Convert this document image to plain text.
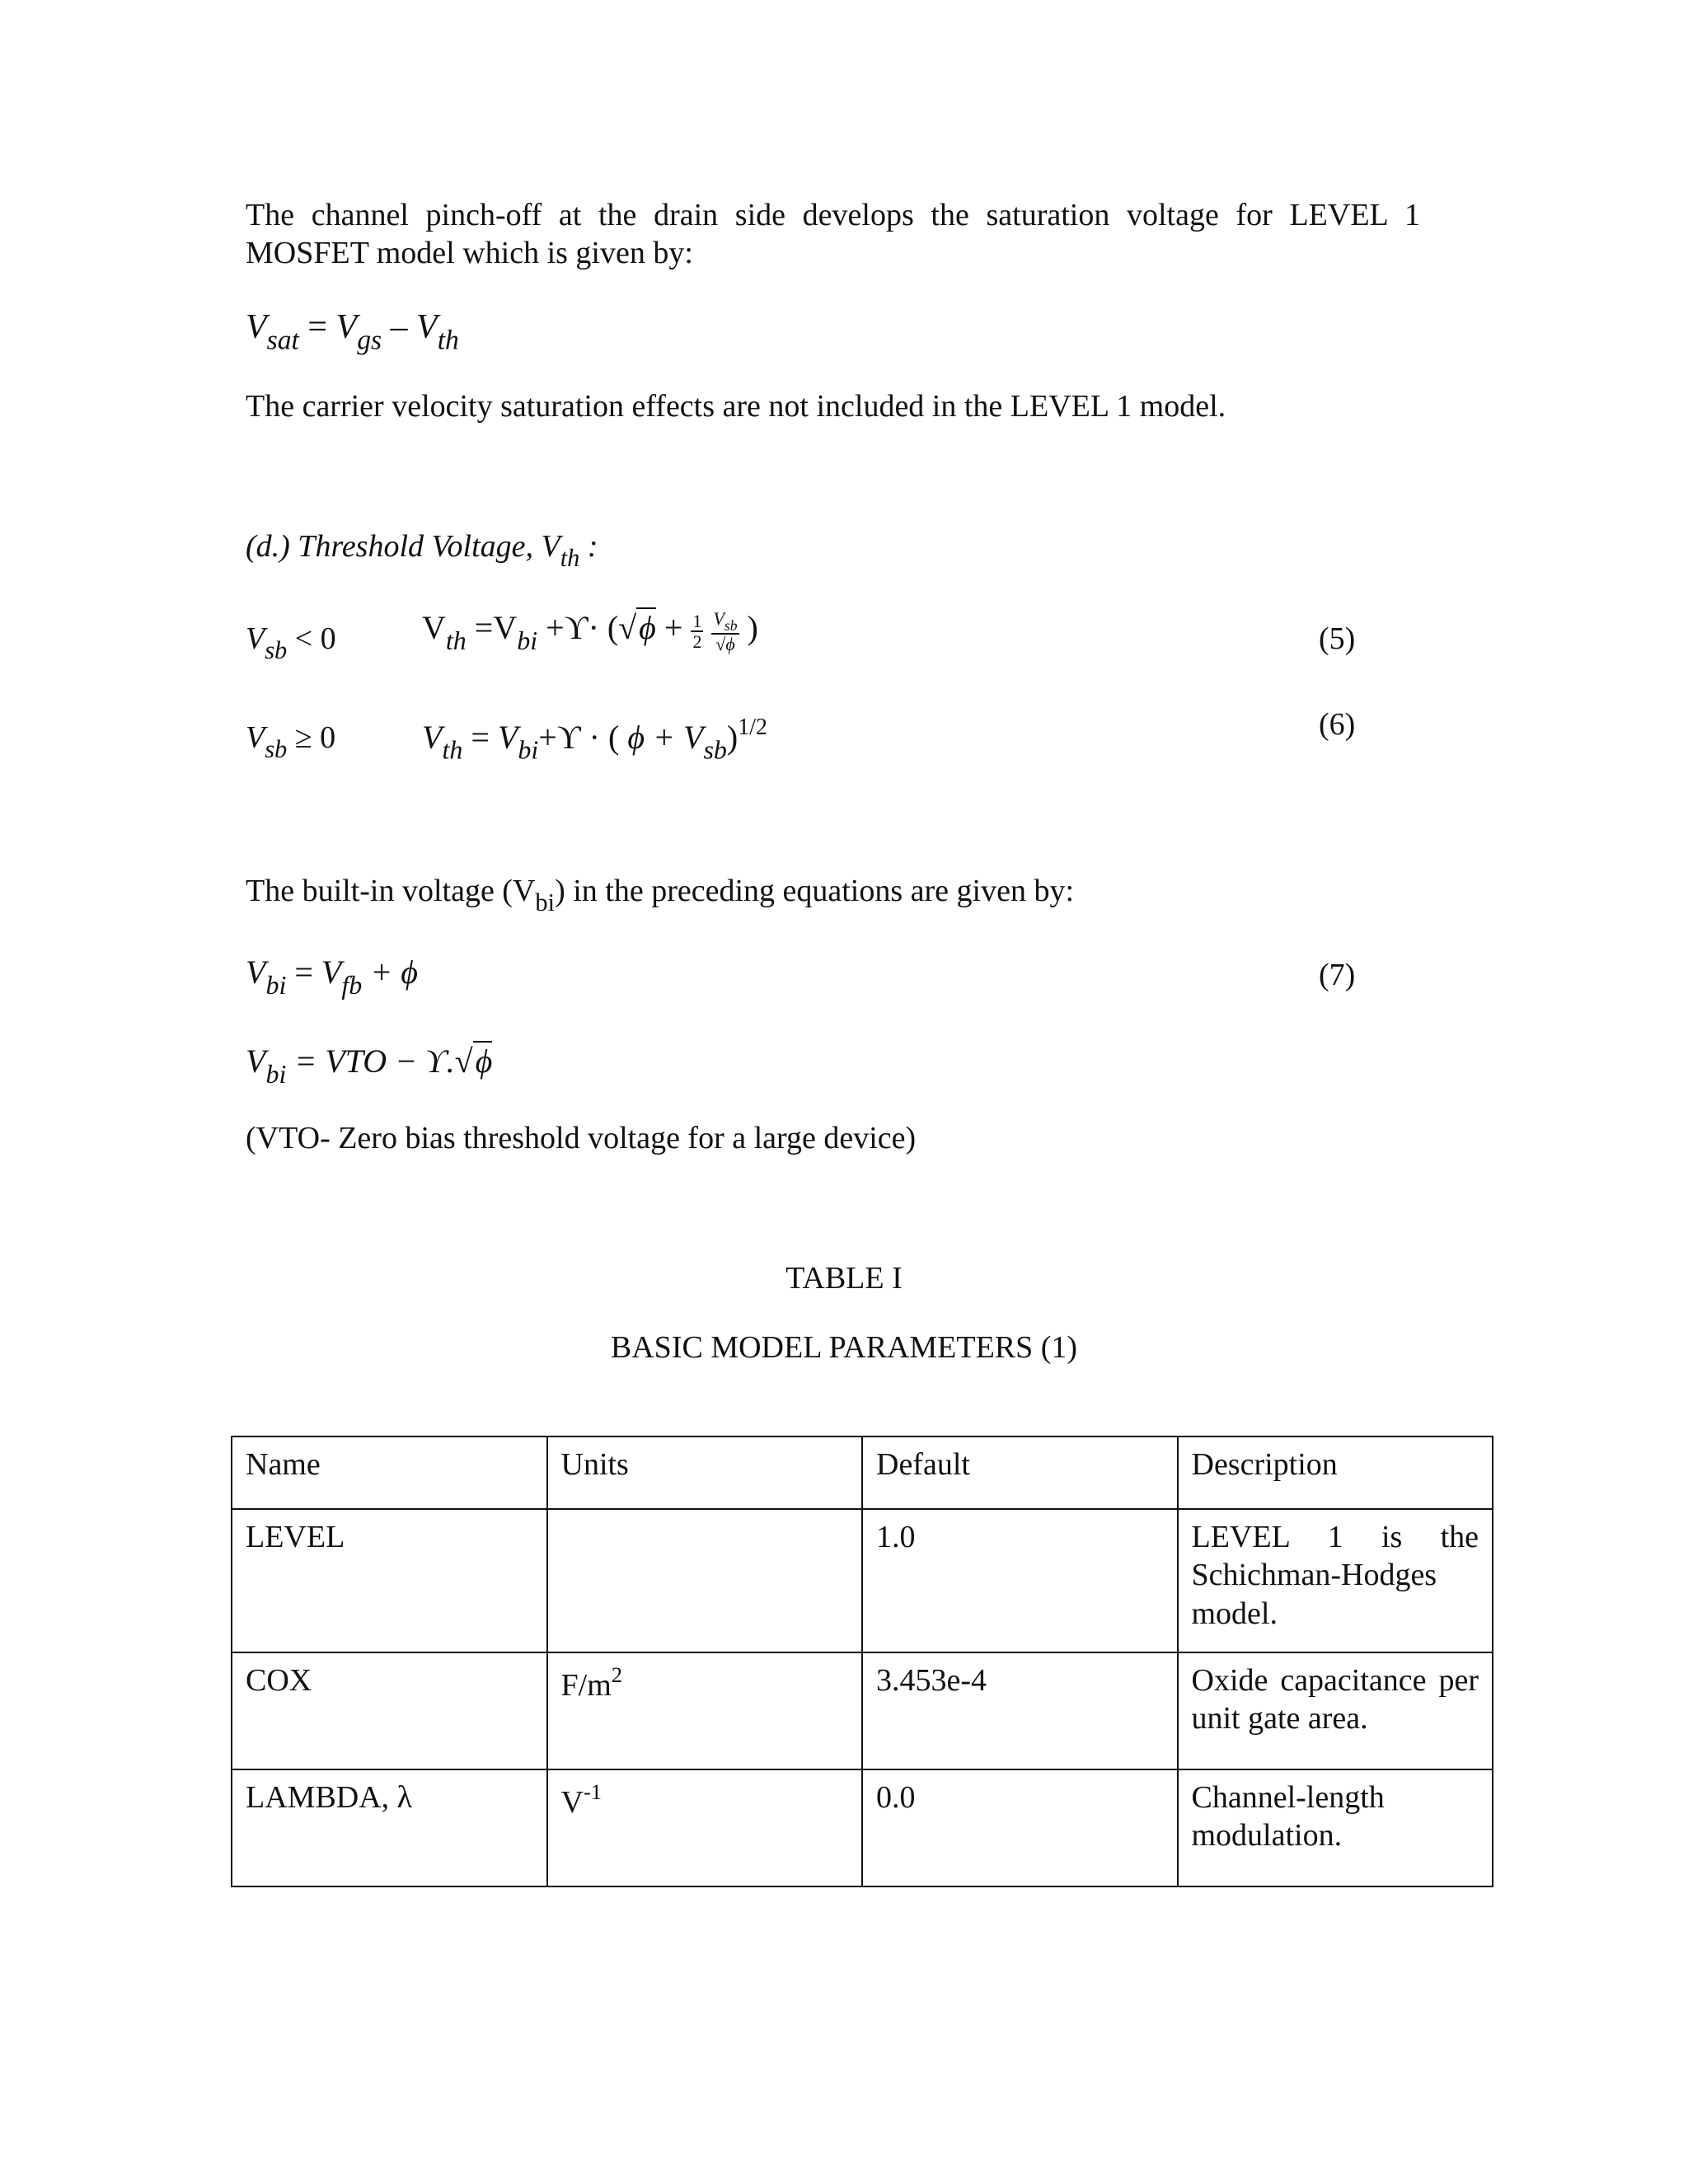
The channel pinch-off at the drain side develops the saturation voltage for LEVEL 1
MOSFET model which is given by:
$V_{sat} = V_{gs} - V_{th}$
The carrier velocity saturation effects are not included in the LEVEL 1 model.
(d.) Threshold Voltage, $V_{th}$ :
$V_{sb} < 0$	$V_{th} =V_{bi} +ϒ\cdot (√\phi + \frac{1}{2}$
$\frac{V_{sb}}{√\phi}$ )	(5)
$V_{sb} \ge 0$	$V_{th} = V_{bi}+ϒ$ · ( $\phi + V_{sb})^{1/2}$	(6)
The built-in voltage $(V_{bi})$ in the preceding equations are given by:
$V_{bi} = V_{fb} + \phi$	(7)
$V_{bi}$ = VTO − ϒ.√ϕ
(VTO- Zero bias threshold voltage for a large device)
TABLE I
BASIC MODEL PARAMETERS (1)
Name	Units	Default	Description
LEVEL		1.0	LEVEL 1 is the Schichman-Hodges model.
COX	$F/m^2$	3.453e-4	Oxide capacitance per unit gate area.
LAMBDA, λ	$V^{-1}$	0.0	Channel-length modulation.
